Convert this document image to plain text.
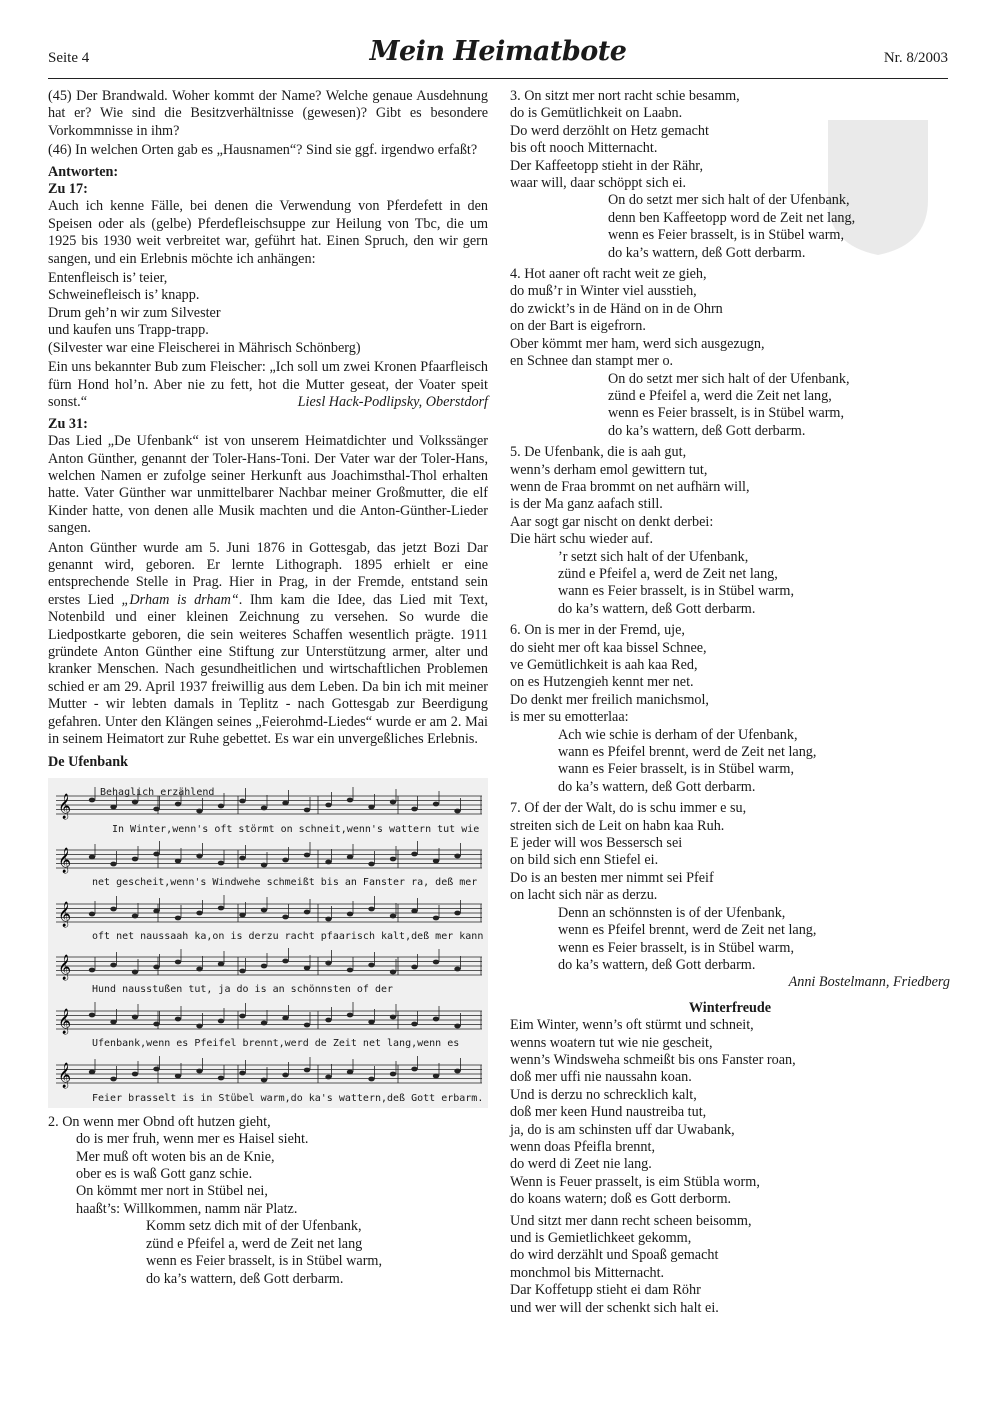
Seite 4	Mein Heimatbote	Nr. 8/2003

(45) Der Brandwald. Woher kommt der Name? Welche genaue Ausdehnung hat er? Wie sind die Besitzverhältnisse (gewesen)? Gibt es besondere Vorkommnisse in ihm?

(46) In welchen Orten gab es „Hausnamen“? Sind sie ggf. irgendwo erfaßt?

Antworten:
Zu 17:

Auch ich kenne Fälle, bei denen die Verwendung von Pferdefett in den Speisen oder als (gelbe) Pferdefleischsuppe zur Heilung von Tbc, die um 1925 bis 1930 weit verbreitet war, geführt hat. Einen Spruch, den wir gern sangen, und ein Erlebnis möchte ich anhängen:

Entenfleisch is’ teier,
Schweinefleisch is’ knapp.
Drum geh’n wir zum Silvester
und kaufen uns Trapp-trapp.
(Silvester war eine Fleischerei in Mährisch Schönberg)

Ein uns bekannter Bub zum Fleischer: „Ich soll um zwei Kronen Pfaarfleisch fürn Hond hol’n. Aber nie zu fett, hot die Mutter geseat, der Voater speit sonst.“	Liesl Hack-Podlipsky, Oberstdorf
Zu 31:

Das Lied „De Ufenbank“ ist von unserem Heimatdichter und Volkssänger Anton Günther, genannt der Toler-Hans-Toni. Der Vater war der Toler-Hans, welchen Namen er zufolge seiner Herkunft aus Joachimsthal-Thol erhalten hatte. Vater Günther war unmittelbarer Nachbar meiner Großmutter, die elf Kinder hatte, von denen alle Musik machten und die Anton-Günther-Lieder sangen.

Anton Günther wurde am 5. Juni 1876 in Gottesgab, das jetzt Bozi Dar genannt wird, geboren. Er lernte Lithograph. 1895 erhielt er eine entsprechende Stelle in Prag. Hier in Prag, in der Fremde, entstand sein erstes Lied „Drham is drham“. Ihm kam die Idee, das Lied mit Text, Notenbild und einer kleinen Zeichnung zu versehen. So wurde die Liedpostkarte geboren, die sein weiteres Schaffen wesentlich prägte. 1911 gründete Anton Günther eine Stiftung zur Unterstützung armer, alter und kranker Menschen. Nach gesundheitlichen und wirtschaftlichen Problemen schied er am 29. April 1937 freiwillig aus dem Leben. Da bin ich mit meiner Mutter - wir lebten damals in Teplitz - nach Gottesgab zur Beerdigung gefahren. Unter den Klängen seines „Feierohmd-Liedes“ wurde er am 2. Mai in seinem Heimatort zur Ruhe gebettet. Es war ein unvergeßliches Erlebnis.

De Ufenbank
𝄞
𝄞
𝄞
𝄞
𝄞
𝄞
Behaglich erzählend
In Winter,wenn's oft störmt on schneit,wenn's wattern tut wie
net gescheit,wenn's Windwehe schmeißt bis an Fanster ra, deß mer
oft net naussaah ka,on is derzu racht pfaarisch kalt,deß mer kann
Hund nausstußen tut, ja do is an schönnsten of der
Ufenbank,wenn es Pfeifel brennt,werd de Zeit net lang,wenn es
Feier brasselt is in Stübel warm,do ka's wattern,deß Gott erbarm.
2. On wenn mer Obnd oft hutzen gieht,
do is mer fruh, wenn mer es Haisel sieht.
Mer muß oft woten bis an de Knie,
ober es is waß Gott ganz schie.
On kömmt mer nort in Stübel nei,
haaßt’s: Willkommen, namm när Platz.
Komm setz dich mit of der Ufenbank,
zünd e Pfeifel a, werd de Zeit net lang
wenn es Feier brasselt, is in Stübel warm,
do ka’s wattern, deß Gott derbarm.
3. On sitzt mer nort racht schie besamm,
do is Gemütlichkeit on Laabn.
Do werd derzöhlt on Hetz gemacht
bis oft nooch Mitternacht.
Der Kaffeetopp stieht in der Rähr,
waar will, daar schöppt sich ei.
On do setzt mer sich halt of der Ufenbank,
denn ben Kaffeetopp word de Zeit net lang,
wenn es Feier brasselt, is in Stübel warm,
do ka’s wattern, deß Gott derbarm.
4. Hot aaner oft racht weit ze gieh,
do muß’r in Winter viel ausstieh,
do zwickt’s in de Händ on in de Ohrn
on der Bart is eigefrorn.
Ober kömmt mer ham, werd sich ausgezugn,
en Schnee dan stampt mer o.
On do setzt mer sich halt of der Ufenbank,
zünd e Pfeifel a, werd die Zeit net lang,
wenn es Feier brasselt, is in Stübel warm,
do ka’s wattern, deß Gott derbarm.
5. De Ufenbank, die is aah gut,
wenn’s derham emol gewittern tut,
wenn de Fraa brommt on net aufhärn will,
is der Ma ganz aafach still.
Aar sogt gar nischt on denkt derbei:
Die härt schu wieder auf.
’r setzt sich halt of der Ufenbank,
zünd e Pfeifel a, werd de Zeit net lang,
wann es Feier brasselt, is in Stübel warm,
do ka’s wattern, deß Gott derbarm.
6. On is mer in der Fremd, uje,
do sieht mer oft kaa bissel Schnee,
ve Gemütlichkeit is aah kaa Red,
on es Hutzengieh kennt mer net.
Do denkt mer freilich manichsmol,
is mer su emotterlaa:
Ach wie schie is derham of der Ufenbank,
wann es Pfeifel brennt, werd de Zeit net lang,
wann es Feier brasselt, is in Stübel warm,
do ka’s wattern, deß Gott derbarm.
7. Of der der Walt, do is schu immer e su,
streiten sich de Leit on habn kaa Ruh.
E jeder will wos Bessersch sei
on bild sich enn Stiefel ei.
Do is an besten mer nimmt sei Pfeif
on lacht sich när as derzu.
Denn an schönnsten is of der Ufenbank,
wenn es Pfeifel brennt, werd de Zeit net lang,
wenn es Feier brasselt, is in Stübel warm,
do ka’s wattern, deß Gott derbarm.
Anni Bostelmann, Friedberg
Winterfreude
Eim Winter, wenn’s oft stürmt und schneit,
wenns woatern tut wie nie gescheit,
wenn’s Windsweha schmeißt bis ons Fanster roan,
doß mer uffi nie naussahn koan.
Und is derzu no schrecklich kalt,
doß mer keen Hund naustreiba tut,
ja, do is am schinsten uff dar Uwabank,
wenn doas Pfeifla brennt,
do werd di Zeet nie lang.
Wenn is Feuer prasselt, is eim Stübla worm,
do koans watern; doß es Gott derborm.
Und sitzt mer dann recht scheen beisomm,
und is Gemietlichkeet gekomm,
do wird derzählt und Spoaß gemacht
monchmol bis Mitternacht.
Dar Koffetupp stieht ei dam Röhr
und wer will der schenkt sich halt ei.
